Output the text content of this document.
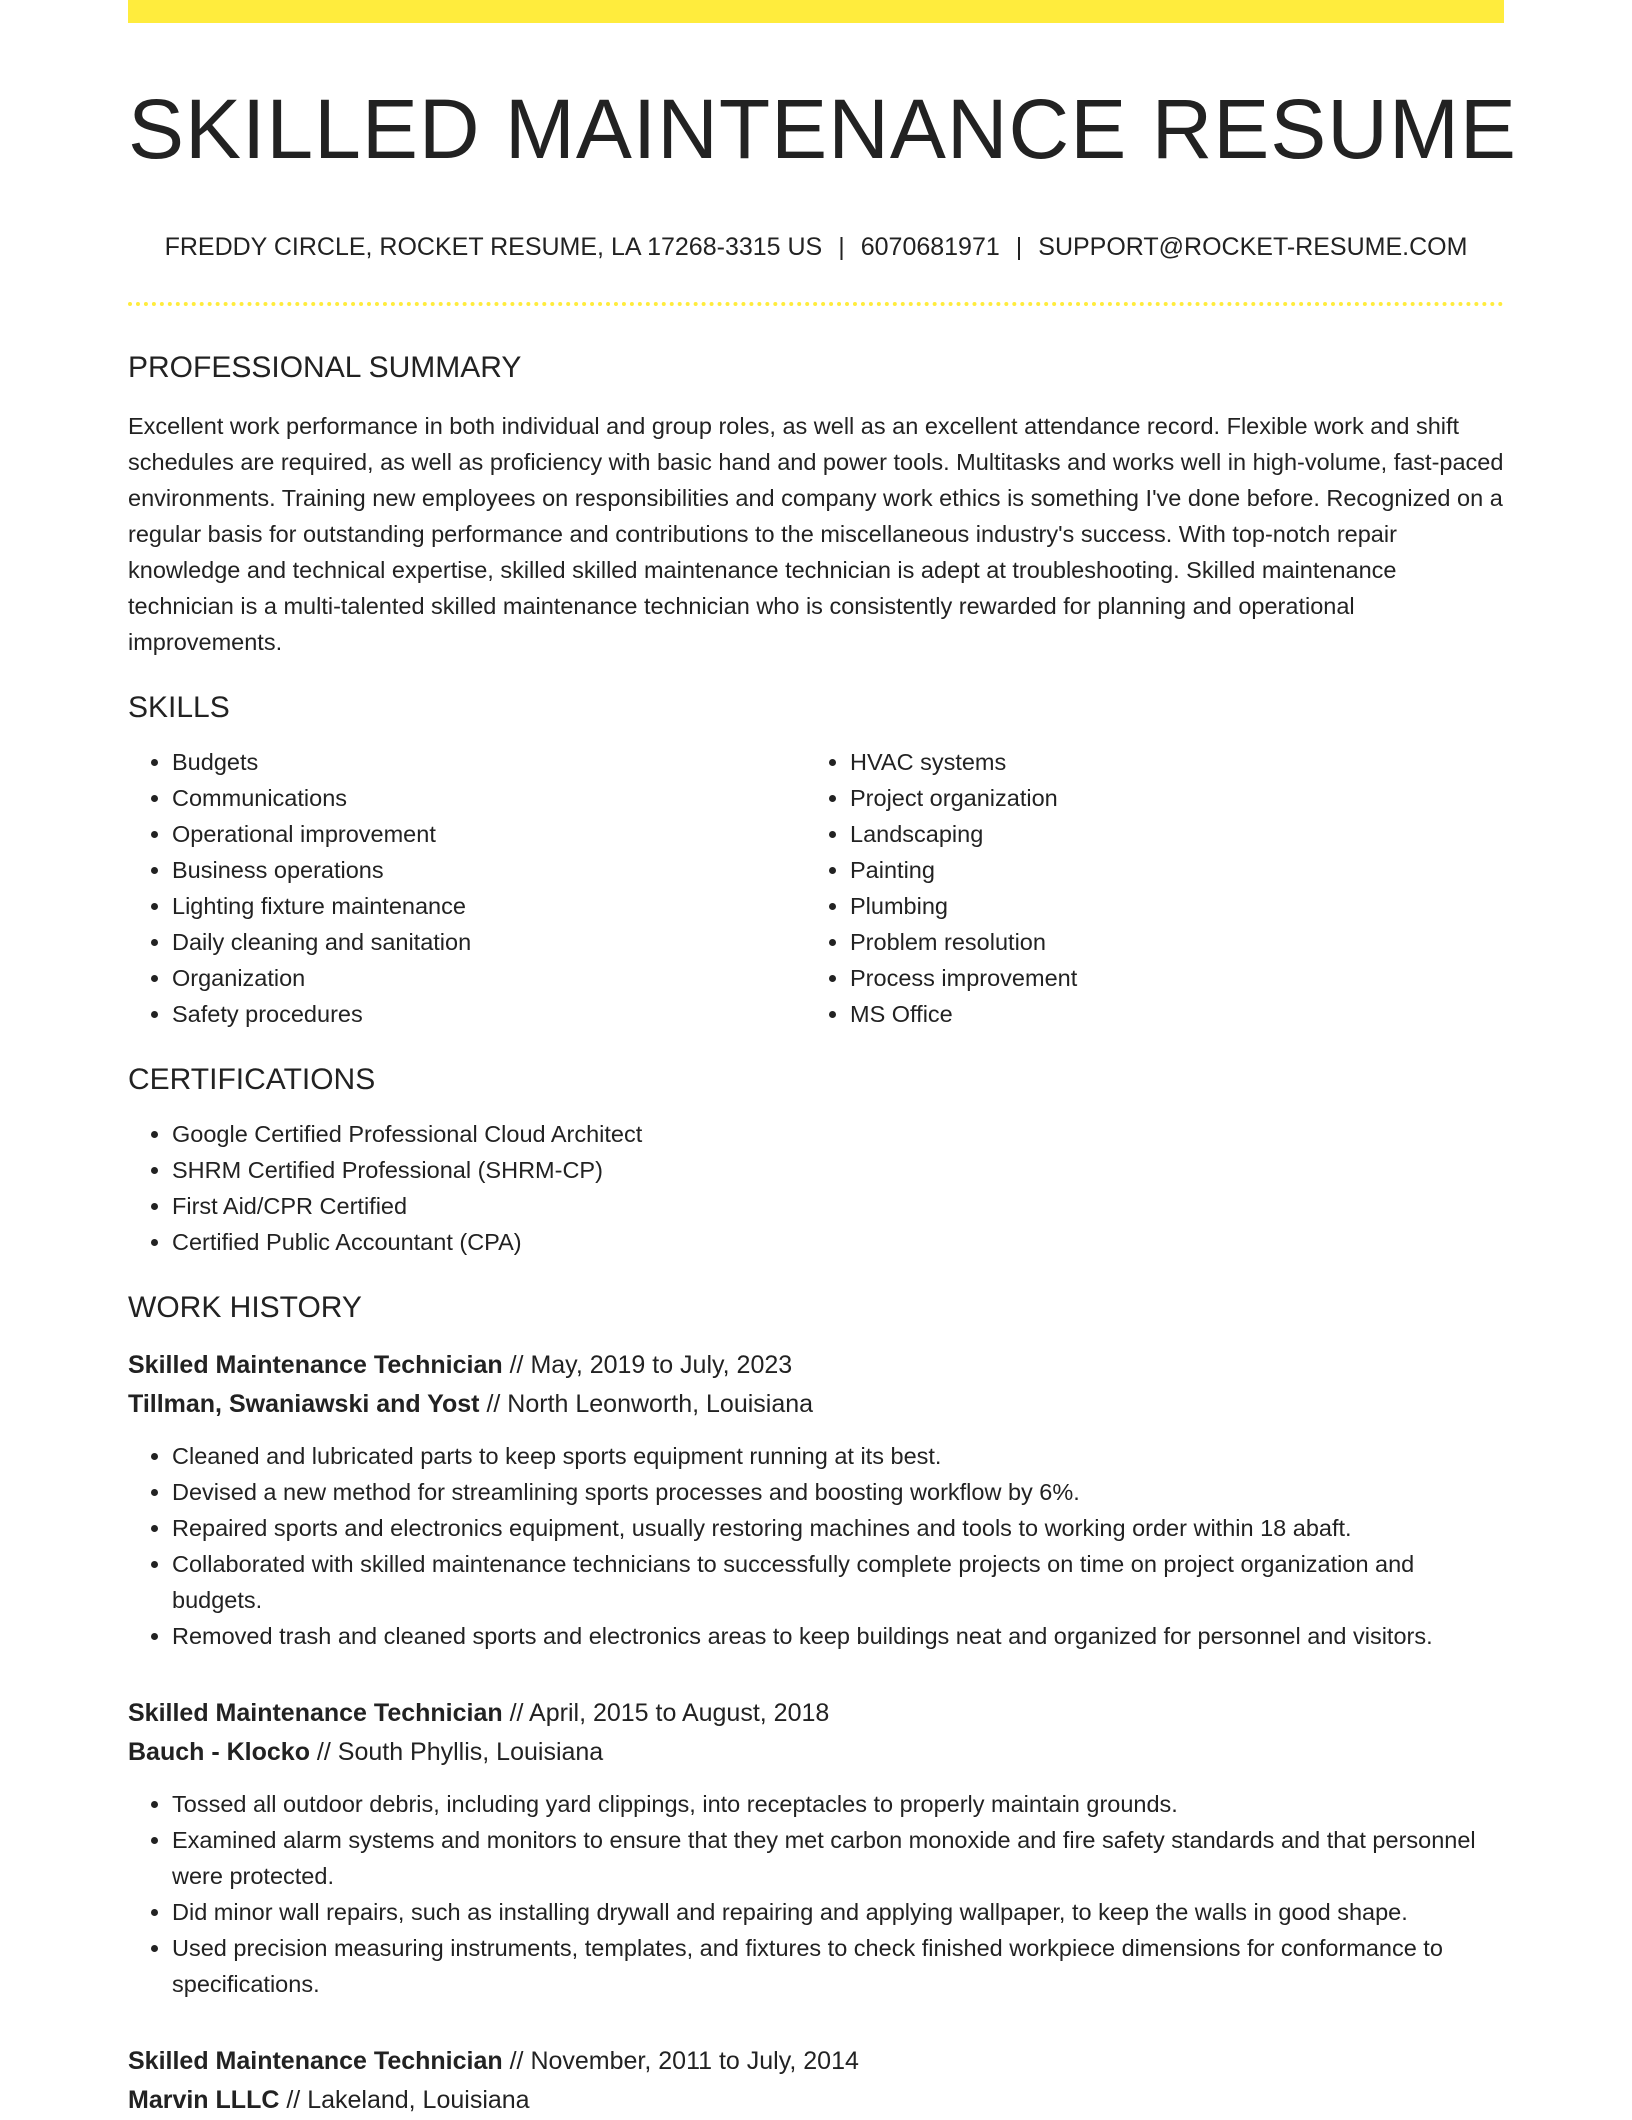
SKILLED MAINTENANCE RESUME
FREDDY CIRCLE, ROCKET RESUME, LA 17268-3315 US | 6070681971 | SUPPORT@ROCKET-RESUME.COM
PROFESSIONAL SUMMARY

Excellent work performance in both individual and group roles, as well as an excellent attendance record. Flexible work and shift schedules are required, as well as proficiency with basic hand and power tools. Multitasks and works well in high-volume, fast-paced environments. Training new employees on responsibilities and company work ethics is something I've done before. Recognized on a regular basis for outstanding performance and contributions to the miscellaneous industry's success. With top-notch repair knowledge and technical expertise, skilled skilled maintenance technician is adept at troubleshooting. Skilled maintenance technician is a multi-talented skilled maintenance technician who is consistently rewarded for planning and operational improvements.

SKILLS
• Budgets
• Communications
• Operational improvement
• Business operations
• Lighting fixture maintenance
• Daily cleaning and sanitation
• Organization
• Safety procedures
• HVAC systems
• Project organization
• Landscaping
• Painting
• Plumbing
• Problem resolution
• Process improvement
• MS Office
CERTIFICATIONS
• Google Certified Professional Cloud Architect
• SHRM Certified Professional (SHRM-CP)
• First Aid/CPR Certified
• Certified Public Accountant (CPA)
WORK HISTORY
Skilled Maintenance Technician // May, 2019 to July, 2023
Tillman, Swaniawski and Yost // North Leonworth, Louisiana
• Cleaned and lubricated parts to keep sports equipment running at its best.
• Devised a new method for streamlining sports processes and boosting workflow by 6%.
• Repaired sports and electronics equipment, usually restoring machines and tools to working order within 18 abaft.
• Collaborated with skilled maintenance technicians to successfully complete projects on time on project organization and budgets.
• Removed trash and cleaned sports and electronics areas to keep buildings neat and organized for personnel and visitors.
Skilled Maintenance Technician // April, 2015 to August, 2018
Bauch - Klocko // South Phyllis, Louisiana
• Tossed all outdoor debris, including yard clippings, into receptacles to properly maintain grounds.
• Examined alarm systems and monitors to ensure that they met carbon monoxide and fire safety standards and that personnel were protected.
• Did minor wall repairs, such as installing drywall and repairing and applying wallpaper, to keep the walls in good shape.
• Used precision measuring instruments, templates, and fixtures to check finished workpiece dimensions for conformance to specifications.
Skilled Maintenance Technician // November, 2011 to July, 2014
Marvin LLLC // Lakeland, Louisiana
